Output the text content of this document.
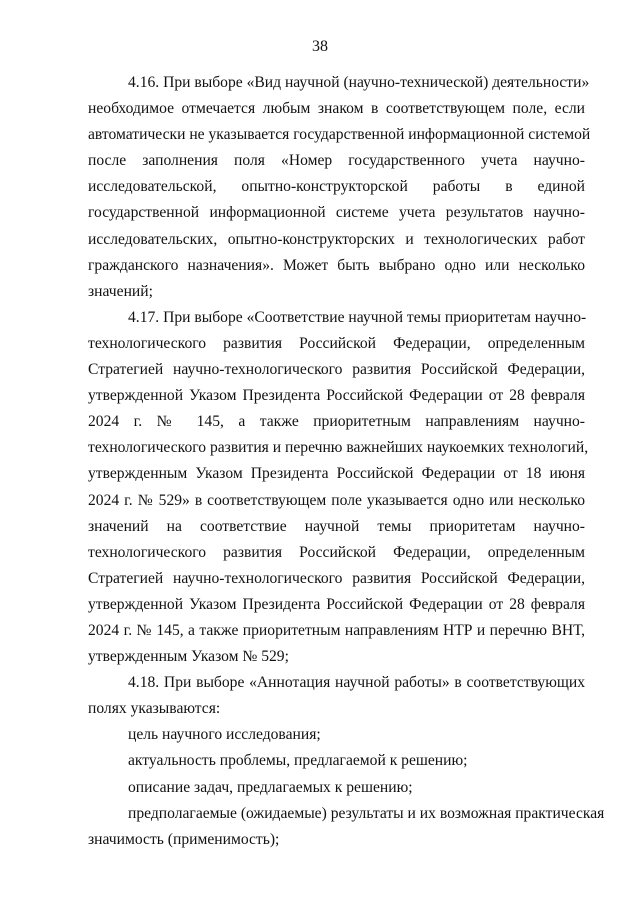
38
4.16. При выборе «Вид научной (научно-технической) деятельности»
необходимое отмечается любым знаком в соответствующем поле, если
автоматически не указывается государственной информационной системой
после заполнения поля «Номер государственного учета научно-
исследовательской, опытно-конструкторской работы в единой
государственной информационной системе учета результатов научно-
исследовательских, опытно-конструкторских и технологических работ
гражданского назначения». Может быть выбрано одно или несколько
значений;
4.17. При выборе «Соответствие научной темы приоритетам научно-
технологического развития Российской Федерации, определенным
Стратегией научно-технологического развития Российской Федерации,
утвержденной Указом Президента Российской Федерации от 28 февраля
2024 г. № 145, а также приоритетным направлениям научно-
технологического развития и перечню важнейших наукоемких технологий,
утвержденным Указом Президента Российской Федерации от 18 июня
2024 г. № 529» в соответствующем поле указывается одно или несколько
значений на соответствие научной темы приоритетам научно-
технологического развития Российской Федерации, определенным
Стратегией научно-технологического развития Российской Федерации,
утвержденной Указом Президента Российской Федерации от 28 февраля
2024 г. № 145, а также приоритетным направлениям НТР и перечню ВНТ,
утвержденным Указом № 529;
4.18. При выборе «Аннотация научной работы» в соответствующих
полях указываются:
цель научного исследования;
актуальность проблемы, предлагаемой к решению;
описание задач, предлагаемых к решению;
предполагаемые (ожидаемые) результаты и их возможная практическая
значимость (применимость);
